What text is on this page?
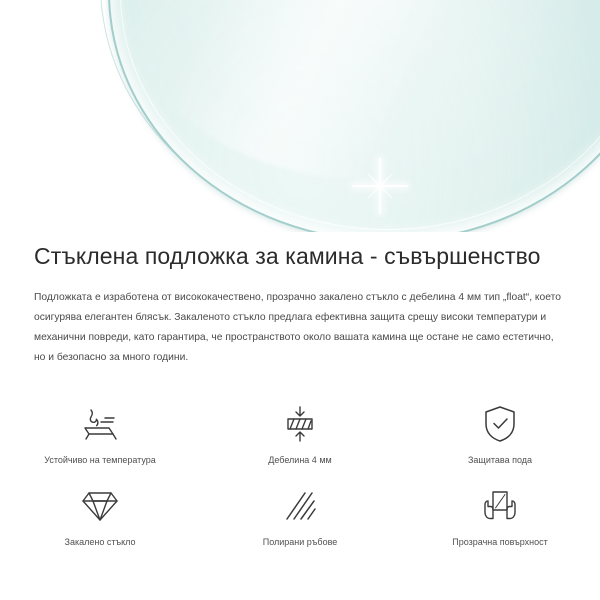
Стъклена подложка за камина - съвършенство

Подложката е изработена от висококачествено, прозрачно закалено стъкло с дебелина 4 мм тип „float“, което осигурява елегантен блясък. Закаленото стъкло предлага ефективна защита срещу високи температури и механични повреди, като гарантира, че пространството около вашата камина ще остане не само естетично, но и безопасно за много години.

Устойчиво на температура	Дебелина 4 мм	Защитава пода
Закалено стъкло	Полирани ръбове	Прозрачна повърхност
